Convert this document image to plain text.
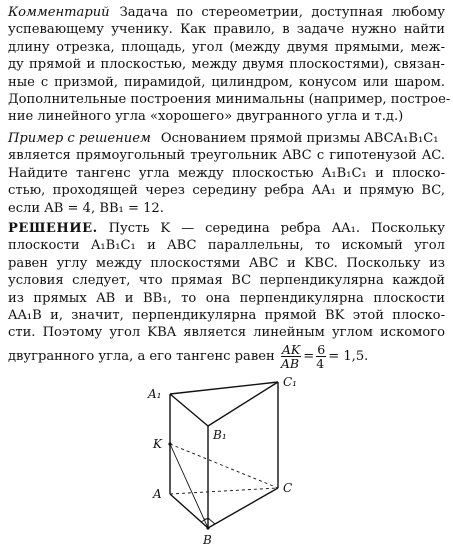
Комментарий Задача по стереометрии, доступная любому
успевающему ученику. Как правило, в задаче нужно найти
длину отрезка, площадь, угол (между двумя прямыми, меж-
ду прямой и плоскостью, между двумя плоскостями), связан-
ные с призмой, пирамидой, цилиндром, конусом или шаром.
Дополнительные построения минимальны (например, построе-
ние линейного угла «хорошего» двугранного угла и т.д.)
Пример с решением Основанием прямой призмы ABCA₁B₁C₁
является прямоугольный треугольник ABC с гипотенузой AC.
Найдите тангенс угла между плоскостью A₁B₁C₁ и плоско-
стью, проходящей через середину ребра AA₁ и прямую BC,
если AB = 4, BB₁ = 12.
РЕШЕНИЕ. Пусть K — середина ребра AA₁. Поскольку
плоскости A₁B₁C₁ и ABC параллельны, то искомый угол
равен углу между плоскостями ABC и KBC. Поскольку из
условия следует, что прямая BC перпендикулярна каждой
из прямых AB и BB₁, то она перпендикулярна плоскости
AA₁B и, значит, перпендикулярна прямой BK этой плоско-
сти. Поэтому угол KBA является линейным углом искомого
двугранного угла, а его тангенс равен $\frac{AK}{AB} = \frac{6}{4} = 1,5$.
A₁
C₁
B₁
K
A	C
B
